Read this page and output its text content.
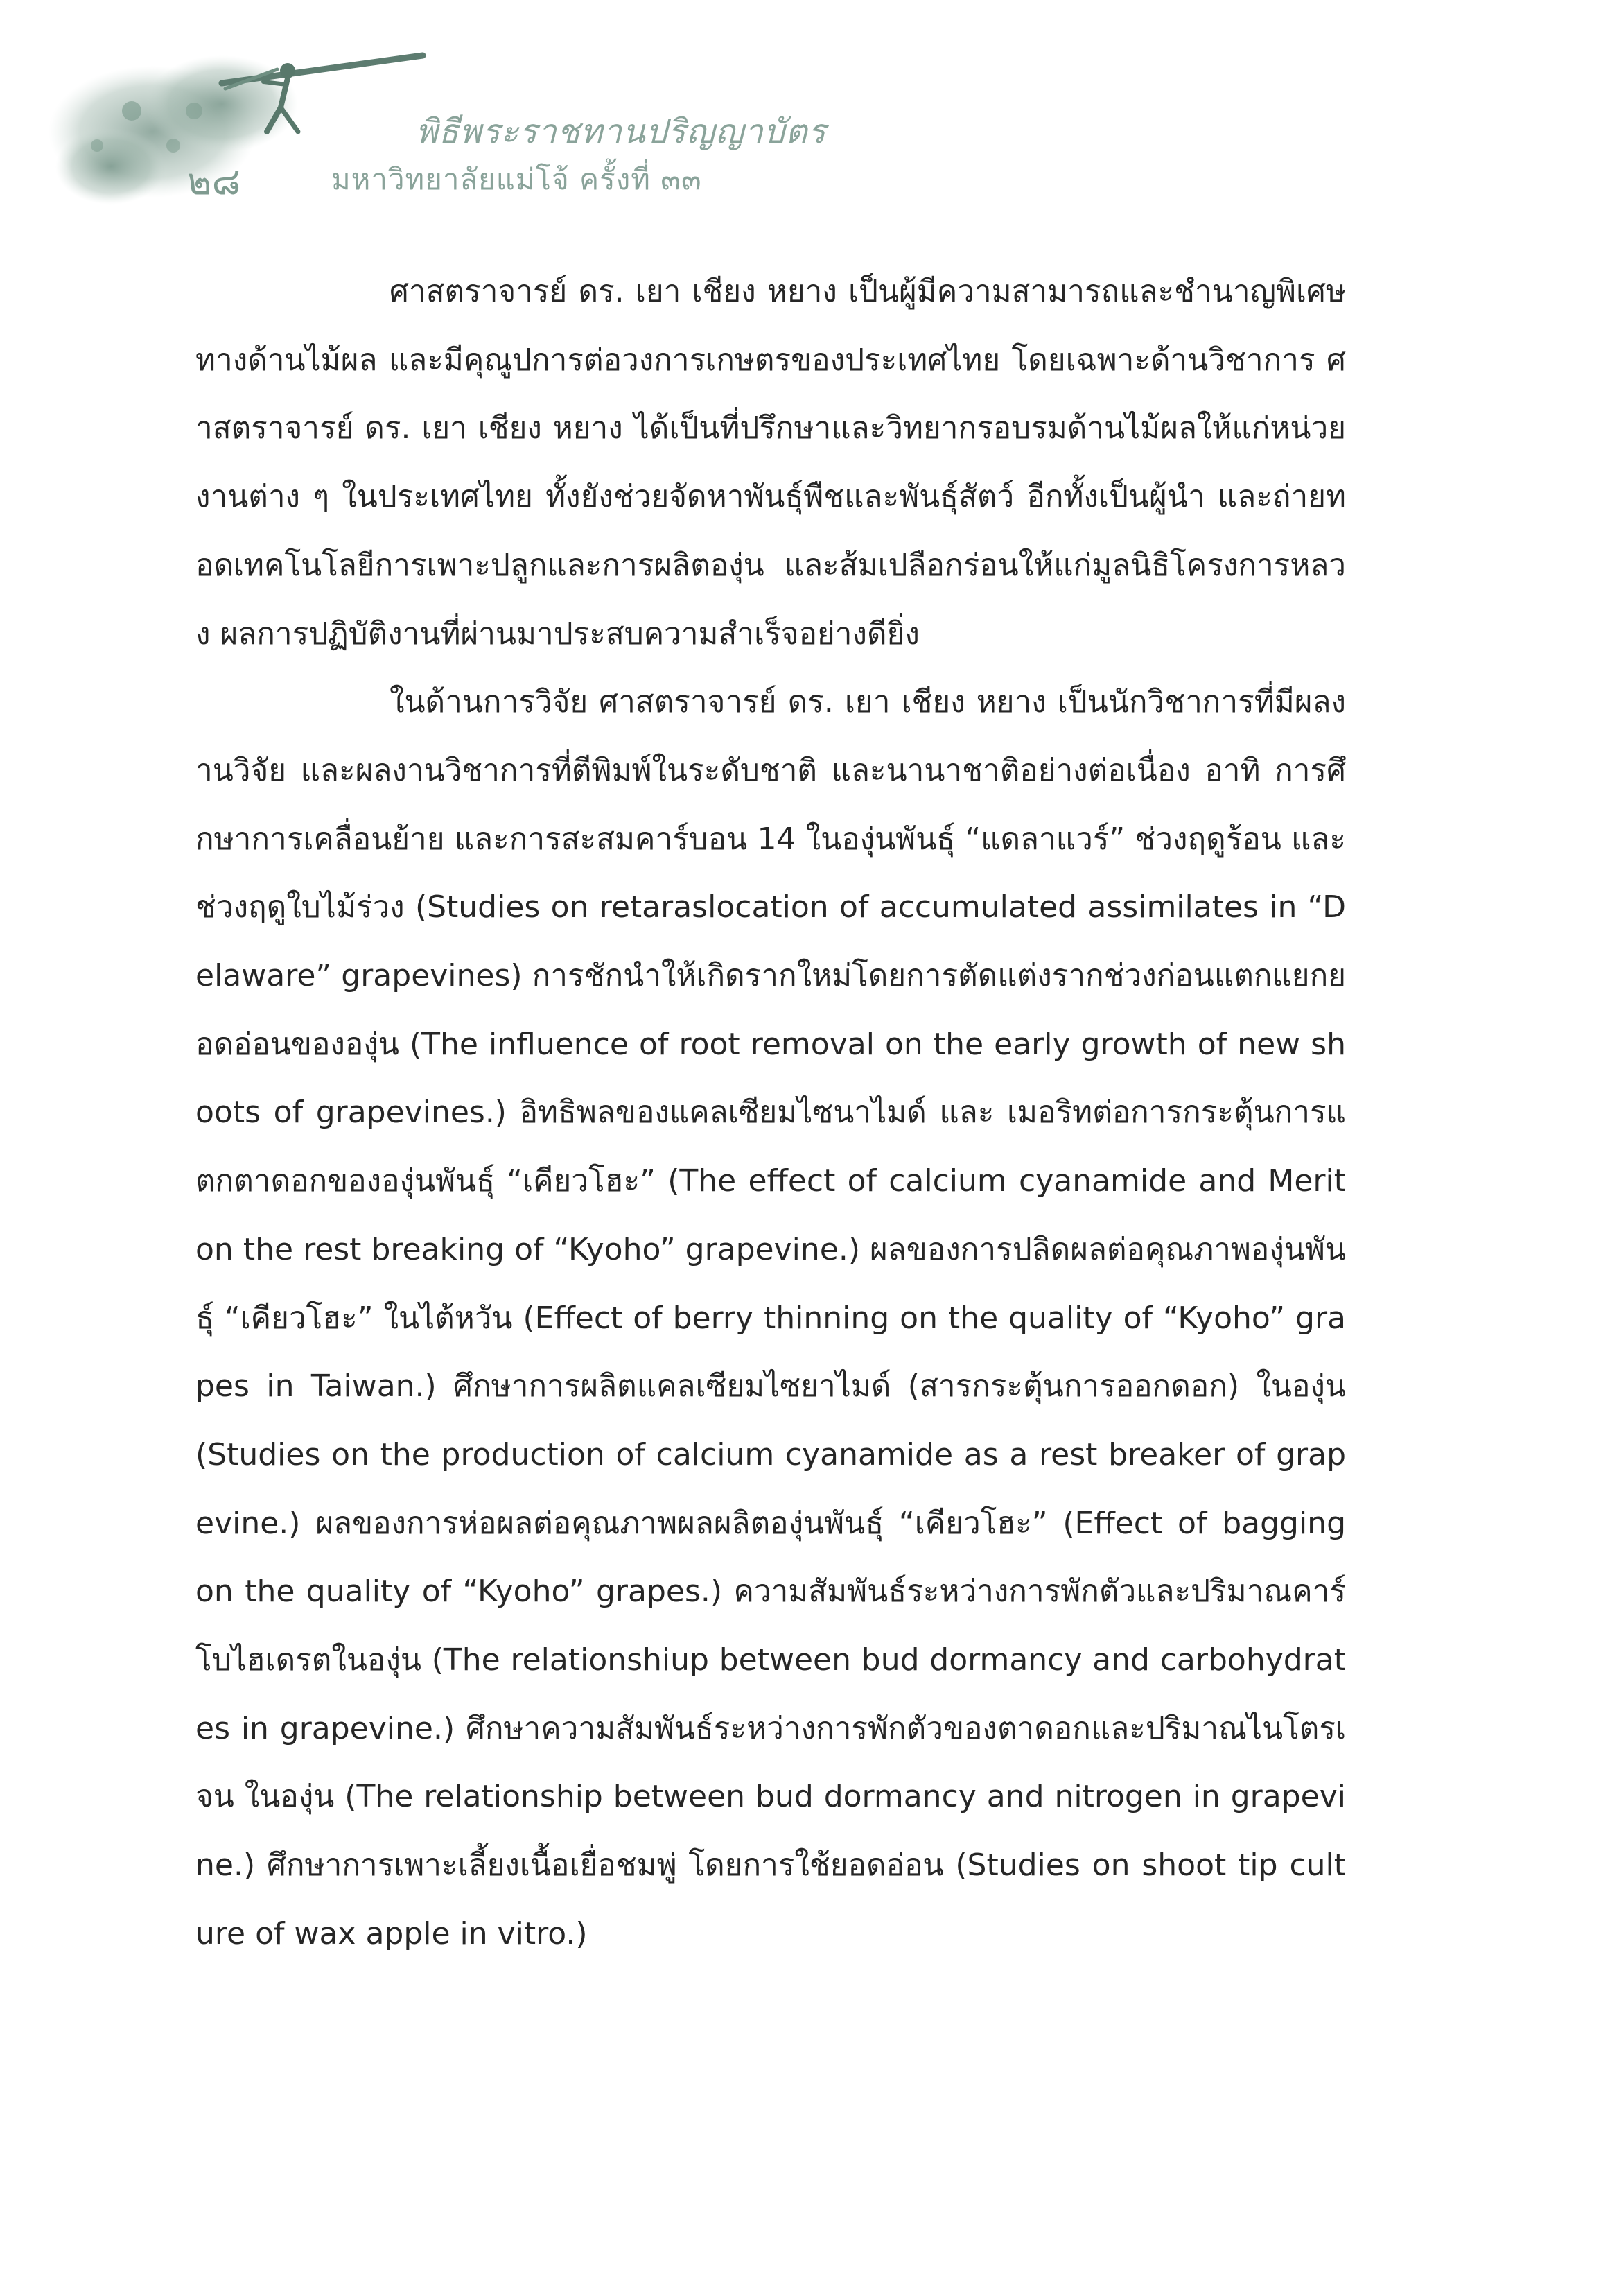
พิธีพระราชทานปริญญาบัตร
๒๘	มหาวิทยาลัยแม่โจ้ ครั้งที่ ๓๓

ศาสตราจารย์ ดร. เยา เชียง หยาง เป็นผู้มีความสามารถและชำนาญพิเศษ ทางด้านไม้ผล และมีคุณูปการต่อวงการเกษตรของประเทศไทย โดยเฉพาะด้านวิชาการ ศาสตราจารย์ ดร. เยา เชียง หยาง ได้เป็นที่ปรึกษาและวิทยากรอบรมด้านไม้ผลให้แก่หน่วยงานต่าง ๆ ในประเทศไทย ทั้งยังช่วยจัดหาพันธุ์พืชและพันธุ์สัตว์ อีกทั้งเป็นผู้นำ และถ่ายทอดเทคโนโลยีการเพาะปลูกและการผลิตองุ่น และส้มเปลือกร่อนให้แก่มูลนิธิโครงการหลวง ผลการปฏิบัติงานที่ผ่านมาประสบความสำเร็จอย่างดียิ่ง

ในด้านการวิจัย ศาสตราจารย์ ดร. เยา เชียง หยาง เป็นนักวิชาการที่มีผลงานวิจัย และผลงานวิชาการที่ตีพิมพ์ในระดับชาติ และนานาชาติอย่างต่อเนื่อง อาทิ การศึกษาการเคลื่อนย้าย และการสะสมคาร์บอน 14 ในองุ่นพันธุ์ “แดลาแวร์” ช่วงฤดูร้อน และ ช่วงฤดูใบไม้ร่วง (Studies on retaraslocation of accumulated assimilates in “Delaware” grapevines) การชักนำให้เกิดรากใหม่โดยการตัดแต่งรากช่วงก่อนแตกแยกยอดอ่อนขององุ่น (The influence of root removal on the early growth of new shoots of grapevines.) อิทธิพลของแคลเซียมไซนาไมด์ และ เมอริทต่อการกระตุ้นการแตกตาดอกขององุ่นพันธุ์ “เคียวโฮะ” (The effect of calcium cyanamide and Merit on the rest breaking of “Kyoho” grapevine.) ผลของการปลิดผลต่อคุณภาพองุ่นพันธุ์ “เคียวโฮะ” ในไต้หวัน (Effect of berry thinning on the quality of “Kyoho” grapes in Taiwan.) ศึกษาการผลิตแคลเซียมไซยาไมด์ (สารกระตุ้นการออกดอก) ในองุ่น (Studies on the production of calcium cyanamide as a rest breaker of grapevine.) ผลของการห่อผลต่อคุณภาพผลผลิตองุ่นพันธุ์ “เคียวโฮะ” (Effect of bagging on the quality of “Kyoho” grapes.) ความสัมพันธ์ระหว่างการพักตัวและปริมาณคาร์โบไฮเดรตในองุ่น (The relationshiup between bud dormancy and carbohydrates in grapevine.) ศึกษาความสัมพันธ์ระหว่างการพักตัวของตาดอกและปริมาณไนโตรเจน ในองุ่น (The relationship between bud dormancy and nitrogen in grapevine.) ศึกษาการเพาะเลี้ยงเนื้อเยื่อชมพู่ โดยการใช้ยอดอ่อน (Studies on shoot tip culture of wax apple in vitro.)
